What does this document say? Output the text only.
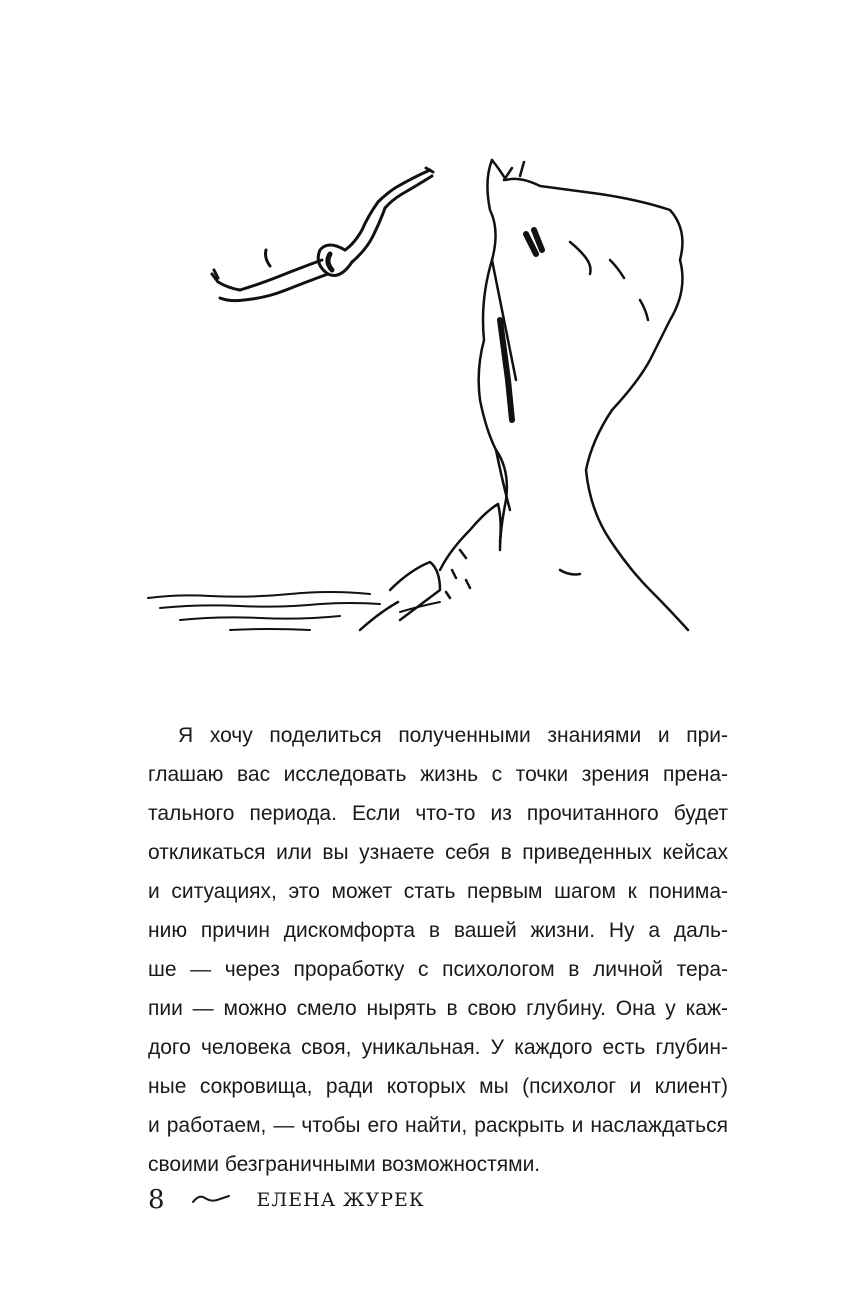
Я хочу поделиться полученными знаниями и при-
глашаю вас исследовать жизнь с точки зрения прена-
тального периода. Если что-то из прочитанного будет
откликаться или вы узнаете себя в приведенных кейсах
и ситуациях, это может стать первым шагом к понима-
нию причин дискомфорта в вашей жизни. Ну а даль-
ше — через проработку с психологом в личной тера-
пии — можно смело нырять в свою глубину. Она у каж-
дого человека своя, уникальная. У каждого есть глубин-
ные сокровища, ради которых мы (психолог и клиент)
и работаем, — чтобы его найти, раскрыть и наслаждаться
своими безграничными возможностями.
8	ЕЛЕНА ЖУРЕК
